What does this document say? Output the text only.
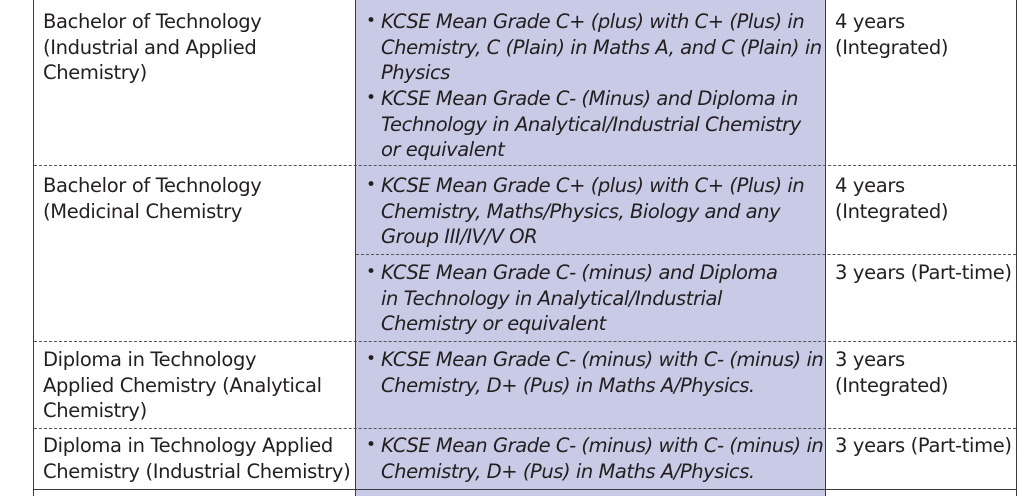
Bachelor of Technology
(Industrial and Applied
Chemistry)
• KCSE Mean Grade C+ (plus) with C+ (Plus) in
Chemistry, C (Plain) in Maths A, and C (Plain) in
Physics
• KCSE Mean Grade C- (Minus) and Diploma in
Technology in Analytical/Industrial Chemistry
or equivalent
4 years
(Integrated)
Bachelor of Technology
(Medicinal Chemistry
• KCSE Mean Grade C+ (plus) with C+ (Plus) in
Chemistry, Maths/Physics, Biology and any
Group III/IV/V OR
4 years
(Integrated)
• KCSE Mean Grade C- (minus) and Diploma
in Technology in Analytical/Industrial
Chemistry or equivalent
3 years (Part-time)
Diploma in Technology
Applied Chemistry (Analytical
Chemistry)
• KCSE Mean Grade C- (minus) with C- (minus) in
Chemistry, D+ (Pus) in Maths A/Physics.
3 years
(Integrated)
Diploma in Technology Applied
Chemistry (Industrial Chemistry)
• KCSE Mean Grade C- (minus) with C- (minus) in
Chemistry, D+ (Pus) in Maths A/Physics.
3 years (Part-time)
